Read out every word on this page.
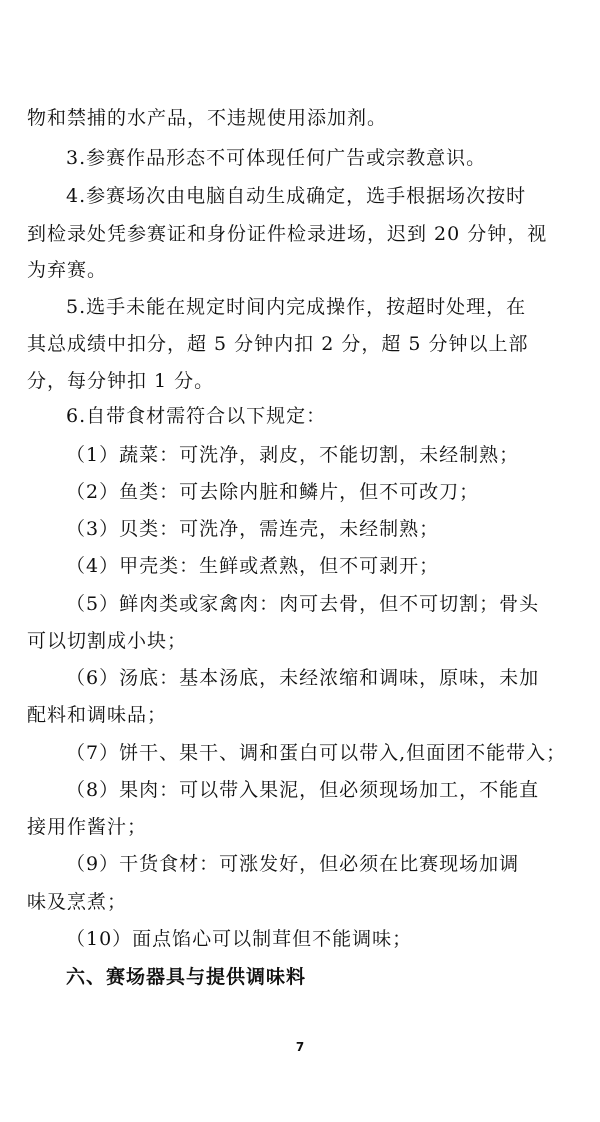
物和禁捕的水产品，不违规使用添加剂。
3.参赛作品形态不可体现任何广告或宗教意识。
4.参赛场次由电脑自动生成确定，选手根据场次按时
到检录处凭参赛证和身份证件检录进场，迟到 20 分钟，视
为弃赛。
5.选手未能在规定时间内完成操作，按超时处理，在
其总成绩中扣分，超 5 分钟内扣 2 分，超 5 分钟以上部
分，每分钟扣 1 分。
6.自带食材需符合以下规定：
（1）蔬菜：可洗净，剥皮，不能切割，未经制熟；
（2）鱼类：可去除内脏和鳞片，但不可改刀；
（3）贝类：可洗净，需连壳，未经制熟；
（4）甲壳类：生鲜或煮熟，但不可剥开；
（5）鲜肉类或家禽肉：肉可去骨，但不可切割；骨头
可以切割成小块；
（6）汤底：基本汤底，未经浓缩和调味，原味，未加
配料和调味品；
（7）饼干、果干、调和蛋白可以带入,但面团不能带入；
（8）果肉：可以带入果泥，但必须现场加工，不能直
接用作酱汁；
（9）干货食材：可涨发好，但必须在比赛现场加调
味及烹煮；
（10）面点馅心可以制茸但不能调味；
六、赛场器具与提供调味料
7
